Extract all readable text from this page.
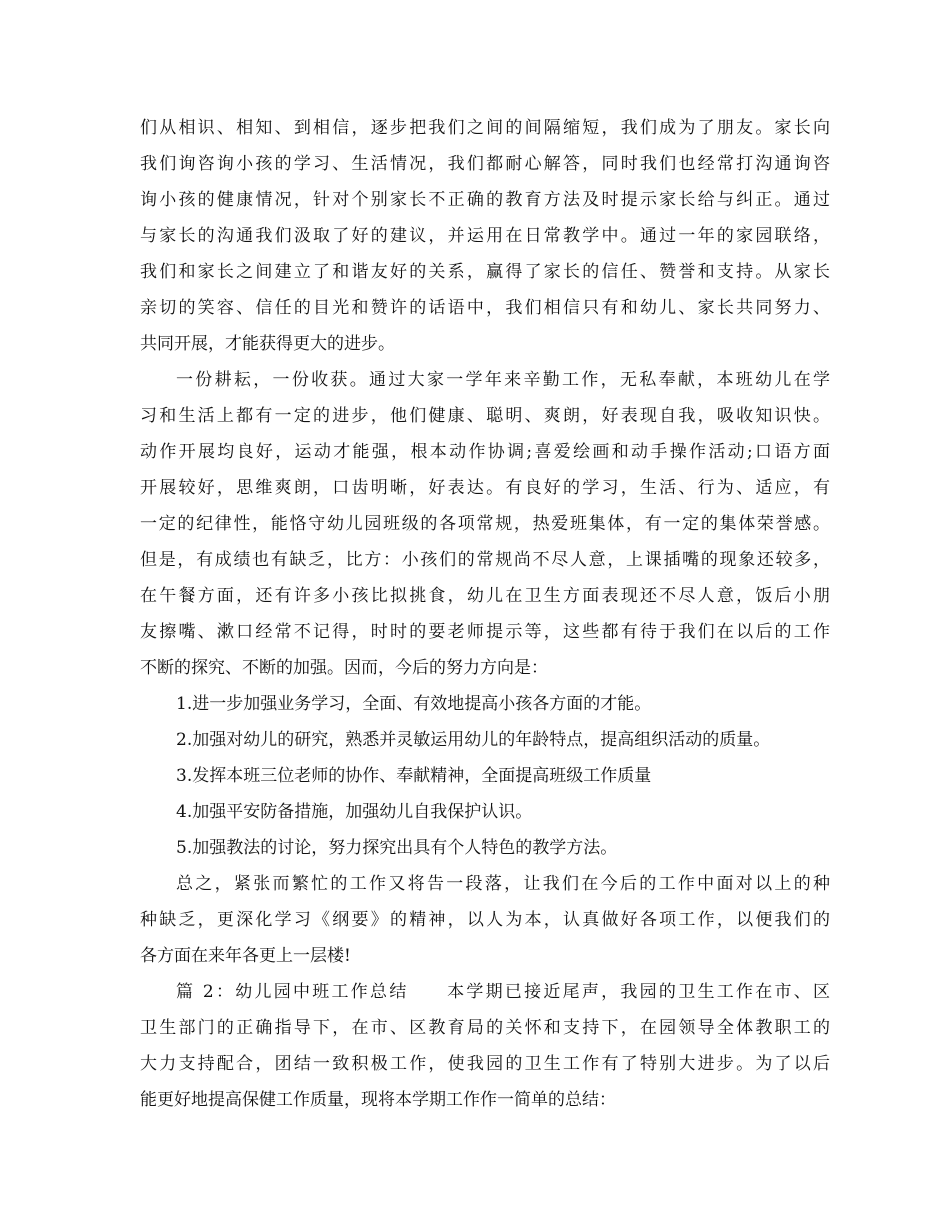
们从相识、相知、到相信，逐步把我们之间的间隔缩短，我们成为了朋友。家长向
我们询咨询小孩的学习、生活情况，我们都耐心解答，同时我们也经常打沟通询咨
询小孩的健康情况，针对个别家长不正确的教育方法及时提示家长给与纠正。通过
与家长的沟通我们汲取了好的建议，并运用在日常教学中。通过一年的家园联络，
我们和家长之间建立了和谐友好的关系，赢得了家长的信任、赞誉和支持。从家长
亲切的笑容、信任的目光和赞许的话语中，我们相信只有和幼儿、家长共同努力、
共同开展，才能获得更大的进步。
一份耕耘，一份收获。通过大家一学年来辛勤工作，无私奉献，本班幼儿在学
习和生活上都有一定的进步，他们健康、聪明、爽朗，好表现自我，吸收知识快。
动作开展均良好，运动才能强，根本动作协调;喜爱绘画和动手操作活动;口语方面
开展较好，思维爽朗，口齿明晰，好表达。有良好的学习，生活、行为、适应，有
一定的纪律性，能恪守幼儿园班级的各项常规，热爱班集体，有一定的集体荣誉感。
但是，有成绩也有缺乏，比方：小孩们的常规尚不尽人意，上课插嘴的现象还较多，
在午餐方面，还有许多小孩比拟挑食，幼儿在卫生方面表现还不尽人意，饭后小朋
友擦嘴、漱口经常不记得，时时的要老师提示等，这些都有待于我们在以后的工作
不断的探究、不断的加强。因而，今后的努力方向是：
1.进一步加强业务学习，全面、有效地提高小孩各方面的才能。
2.加强对幼儿的研究，熟悉并灵敏运用幼儿的年龄特点，提高组织活动的质量。
3.发挥本班三位老师的协作、奉献精神，全面提高班级工作质量
4.加强平安防备措施，加强幼儿自我保护认识。
5.加强教法的讨论，努力探究出具有个人特色的教学方法。
总之，紧张而繁忙的工作又将告一段落，让我们在今后的工作中面对以上的种
种缺乏，更深化学习《纲要》的精神，以人为本，认真做好各项工作，以便我们的
各方面在来年各更上一层楼!
篇 2：幼儿园中班工作总结　　本学期已接近尾声，我园的卫生工作在市、区
卫生部门的正确指导下，在市、区教育局的关怀和支持下，在园领导全体教职工的
大力支持配合，团结一致积极工作，使我园的卫生工作有了特别大进步。为了以后
能更好地提高保健工作质量，现将本学期工作作一简单的总结：
